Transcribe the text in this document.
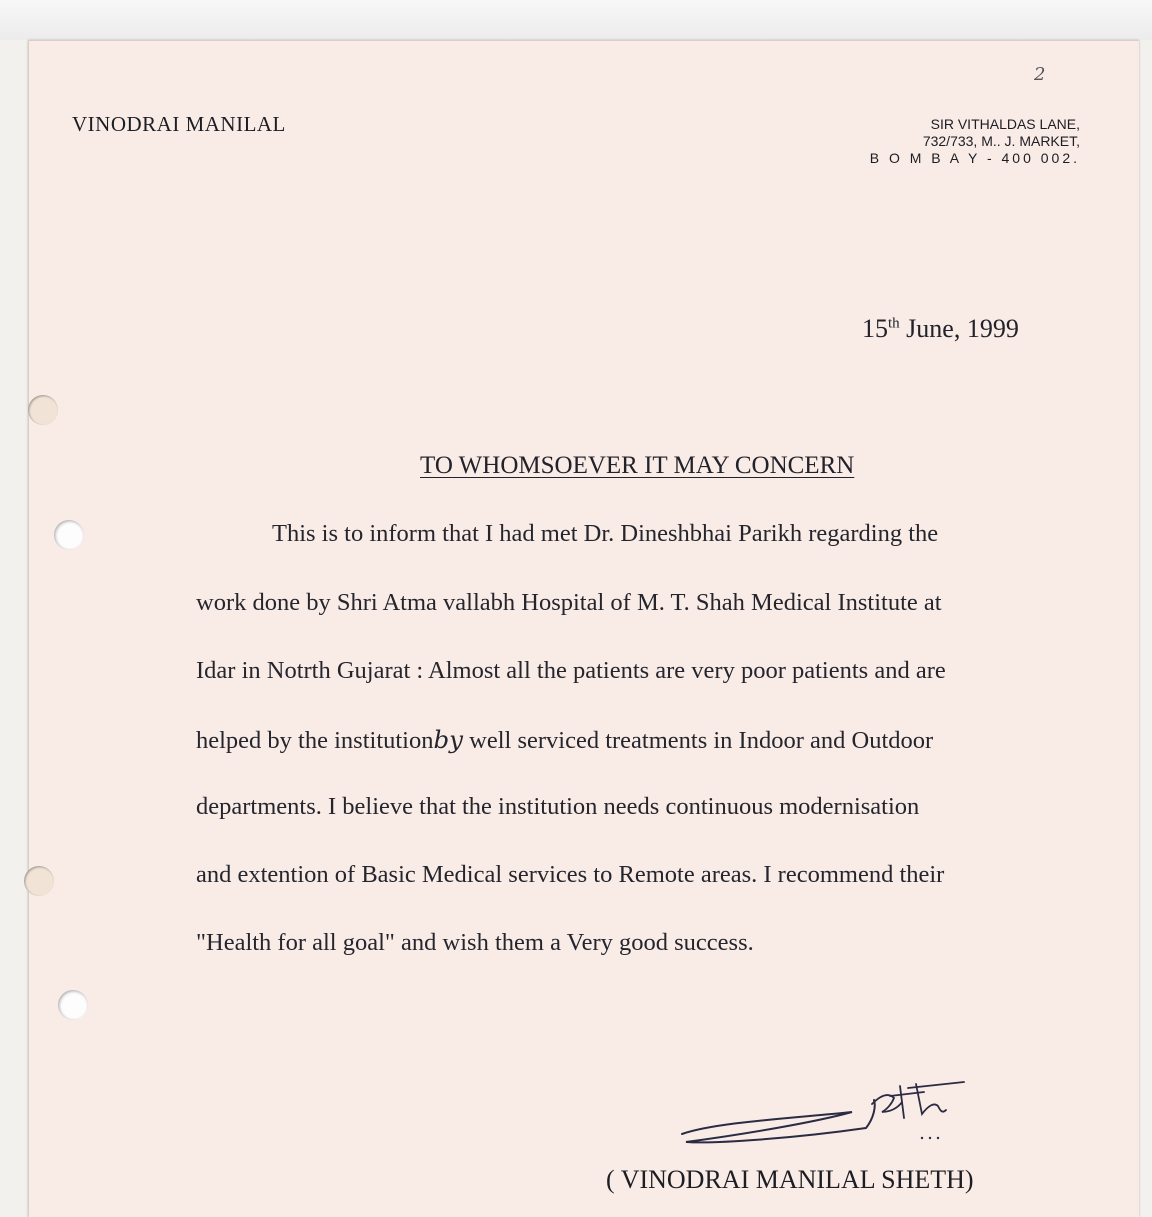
VINODRAI MANILAL	SIR VITHALDAS LANE,
732/733, M.. J. MARKET,
B O M B A Y - 400 002.
2
15th June, 1999
TO WHOMSOEVER IT MAY CONCERN
This is to inform that I had met Dr. Dineshbhai Parikh regarding the
work done by Shri Atma vallabh Hospital of M. T. Shah Medical Institute at
Idar in Notrth Gujarat : Almost all the patients are very poor patients and are
helped by the institutionby well serviced treatments in Indoor and Outdoor
departments. I believe that the institution needs continuous modernisation
and extention of Basic Medical services to Remote areas. I recommend their
"Health for all goal" and wish them a Very good success.
( VINODRAI MANILAL SHETH)
